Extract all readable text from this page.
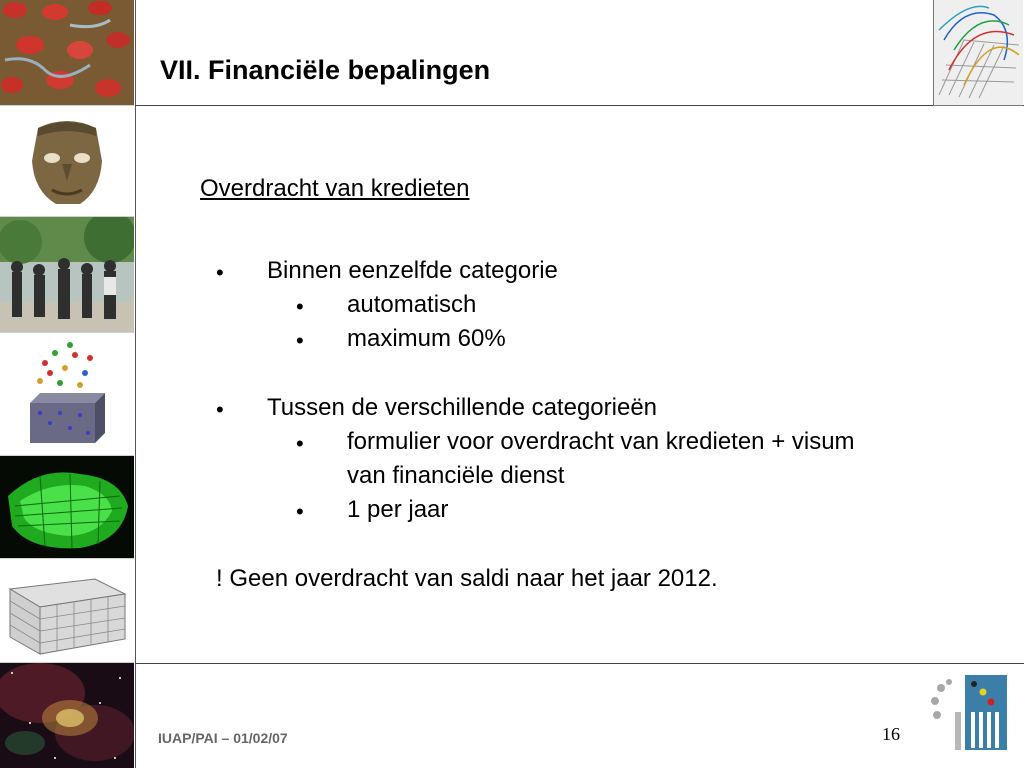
VII. Financiële bepalingen
Overdracht van kredieten
• Binnen eenzelfde categorie
• automatisch
• maximum 60%
• Tussen de verschillende categorieën
• formulier voor overdracht van kredieten + visum
van financiële dienst
• 1 per jaar
! Geen overdracht van saldi naar het jaar 2012.
IUAP/PAI – 01/02/07	16
